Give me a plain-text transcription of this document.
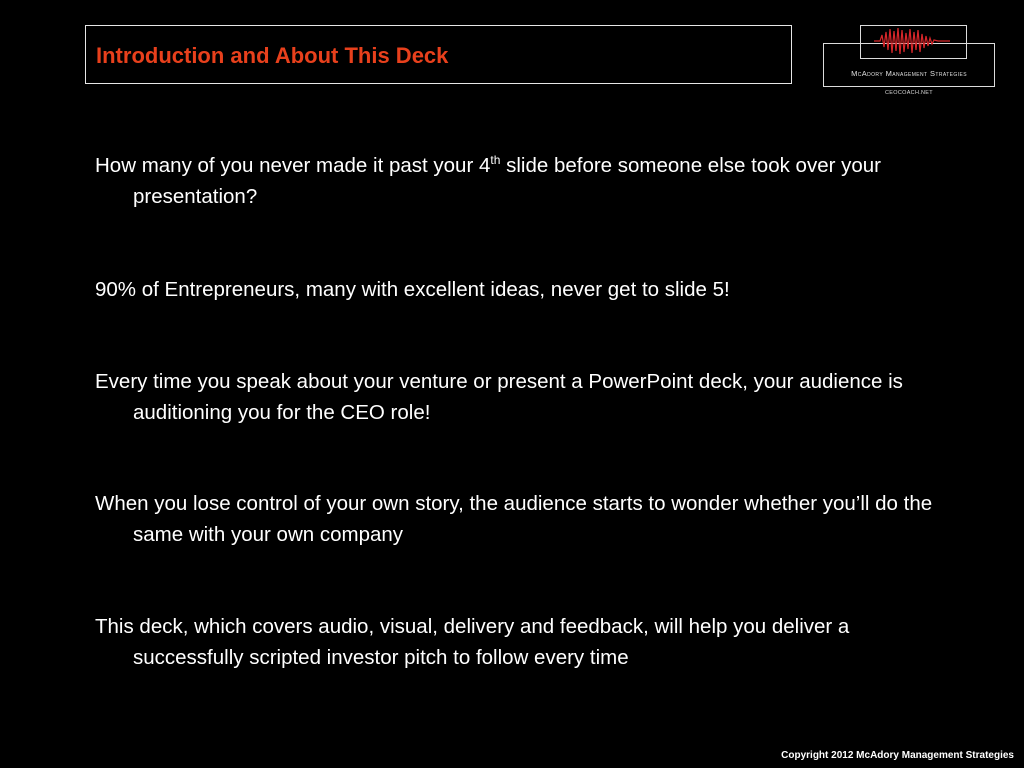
Introduction and About This Deck
McAdory Management Strategies
CEOCOACH.NET
How many of you never made it past your 4th slide before someone else took over your presentation?
90% of Entrepreneurs, many with excellent ideas, never get to slide 5!
Every time you speak about your venture or present a PowerPoint deck, your audience is auditioning you for the CEO role!
When you lose control of your own story, the audience starts to wonder whether you’ll do the same with your own company
This deck, which covers audio, visual, delivery and feedback, will help you deliver a successfully scripted investor pitch to follow every time
Copyright 2012 McAdory Management Strategies
